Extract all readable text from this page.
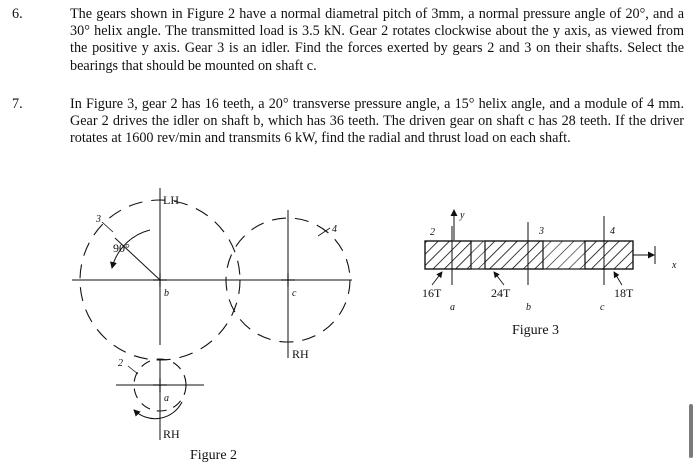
6.	The gears shown in Figure 2 have a normal diametral pitch of 3mm, a normal pressure angle of 20°, and a 30° helix angle. The transmitted load is 3.5 kN. Gear 2 rotates clockwise about the y axis, as viewed from the positive y axis. Gear 3 is an idler. Find the forces exerted by gears 2 and 3 on their shafts. Select the bearings that should be mounted on shaft c.
7.	In Figure 3, gear 2 has 16 teeth, a 20° transverse pressure angle, a 15° helix angle, and a module of 4 mm. Gear 2 drives the idler on shaft b, which has 36 teeth. The driven gear on shaft c has 28 teeth. If the driver rotates at 1600 rev/min and transmits 6 kW, find the radial and thrust load on each shaft.
LH
90°
3
4
2
b	c
a
RH
RH
Figure 2
2
y
3	4
x
16T	24T	18T
a	b	c
Figure 3
